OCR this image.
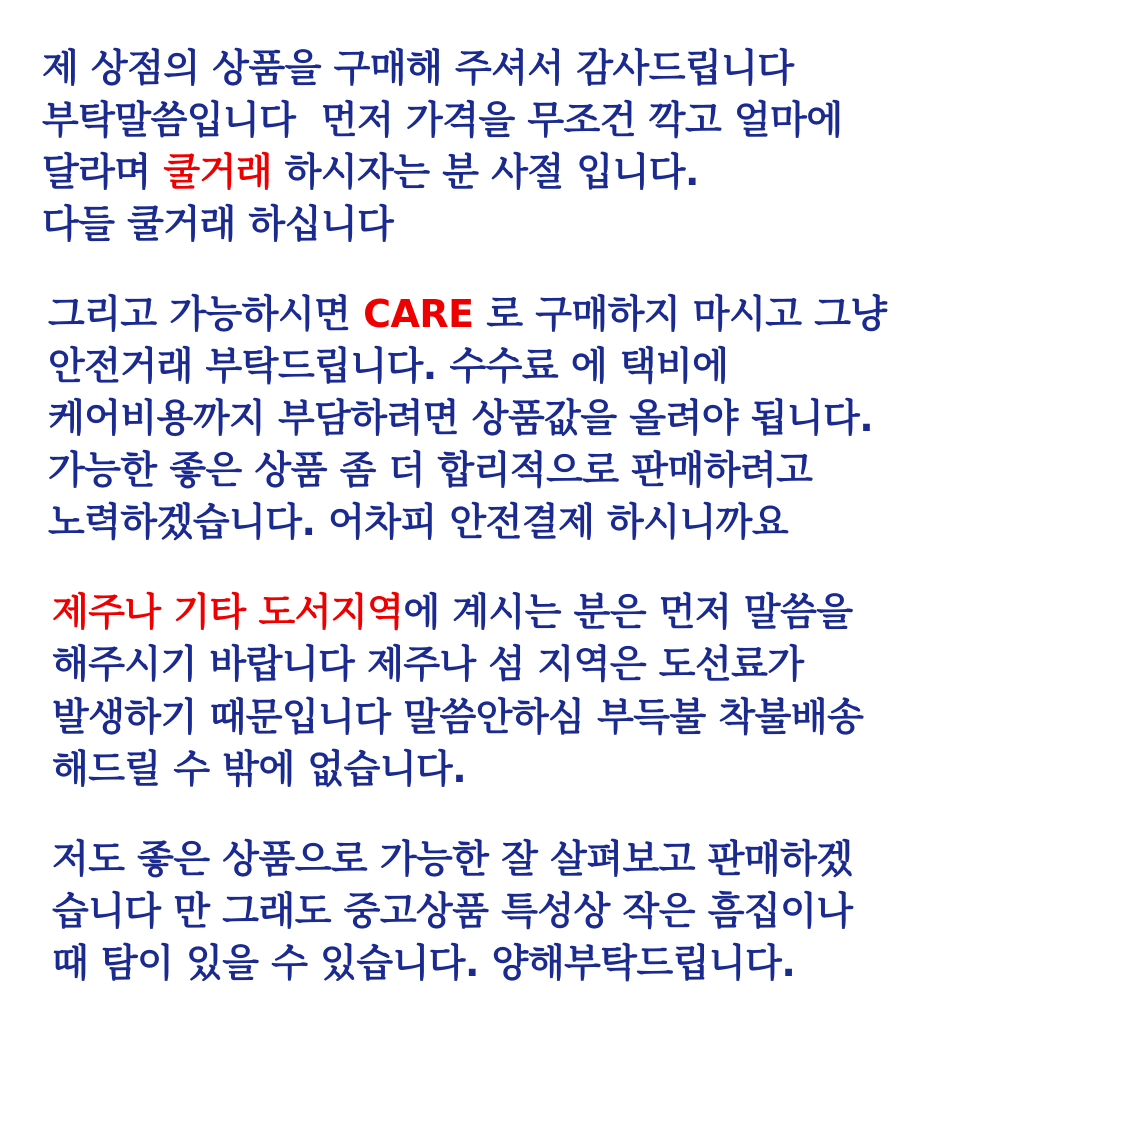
제 상점의 상품을 구매해 주셔서 감사드립니다
부탁말씀입니다  먼저 가격을 무조건 깍고 얼마에
달라며 쿨거래 하시자는 분 사절 입니다.
다들 쿨거래 하십니다
그리고 가능하시면 CARE 로 구매하지 마시고 그냥
안전거래 부탁드립니다. 수수료 에 택비에
케어비용까지 부담하려면 상품값을 올려야 됩니다.
가능한 좋은 상품 좀 더 합리적으로 판매하려고
노력하겠습니다. 어차피 안전결제 하시니까요
제주나 기타 도서지역에 계시는 분은 먼저 말씀을
해주시기 바랍니다 제주나 섬 지역은 도선료가
발생하기 때문입니다 말씀안하심 부득불 착불배송
해드릴 수 밖에 없습니다.
저도 좋은 상품으로 가능한 잘 살펴보고 판매하겠
습니다 만 그래도 중고상품 특성상 작은 흠집이나
때 탐이 있을 수 있습니다. 양해부탁드립니다.
